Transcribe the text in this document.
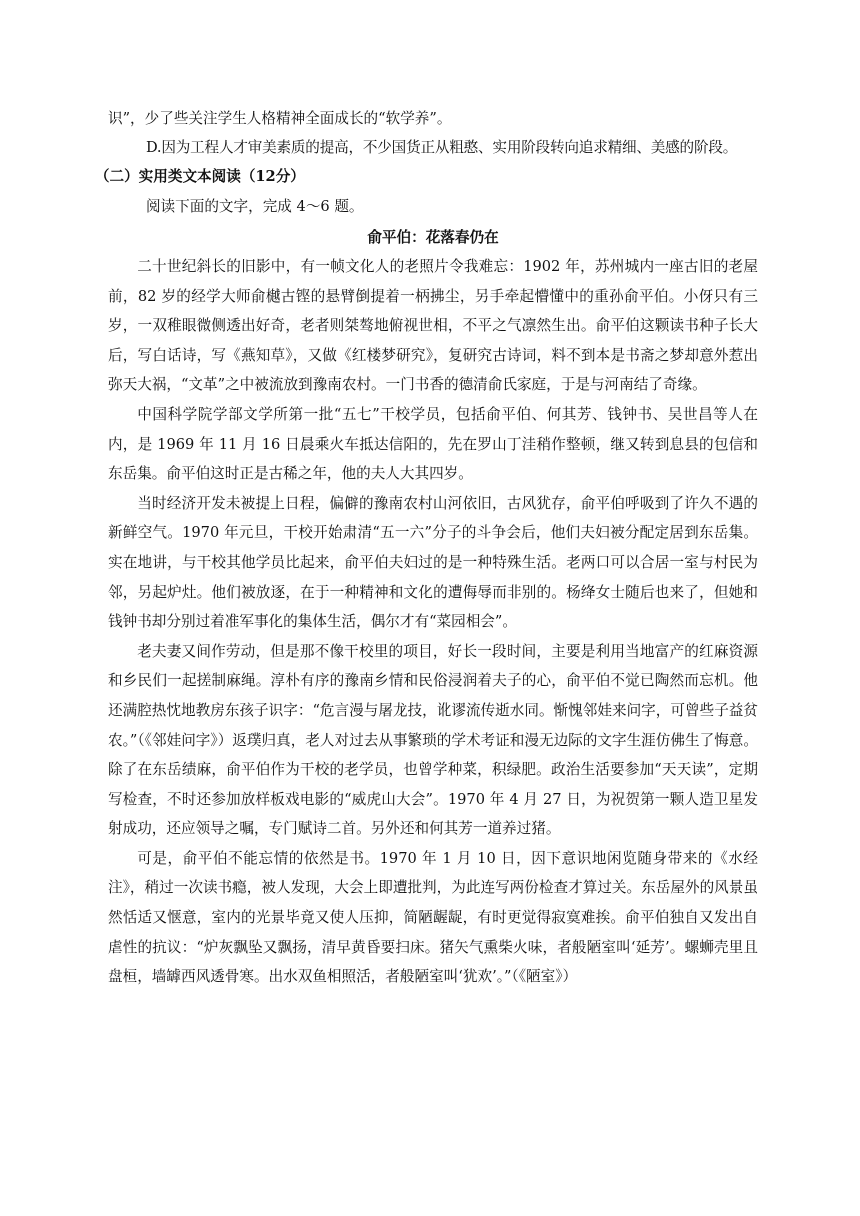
识”，少了些关注学生人格精神全面成长的“软学养”。

D.因为工程人才审美素质的提高，不少国货正从粗憨、实用阶段转向追求精细、美感的阶段。

（二）实用类文本阅读（12分）

阅读下面的文字，完成 4～6 题。

俞平伯：花落春仍在

二十世纪斜长的旧影中，有一帧文化人的老照片令我难忘：1902 年，苏州城内一座古旧的老屋前，82 岁的经学大师俞樾古铿的悬臂倒提着一柄拂尘，另手牵起懵懂中的重孙俞平伯。小伢只有三岁，一双稚眼微侧透出好奇，老者则桀骜地俯视世相，不平之气凛然生出。俞平伯这颗读书种子长大后，写白话诗，写《燕知草》，又做《红楼梦研究》，复研究古诗词，料不到本是书斋之梦却意外惹出弥天大祸，“文革”之中被流放到豫南农村。一门书香的德清俞氏家庭，于是与河南结了奇缘。

中国科学院学部文学所第一批“五七”干校学员，包括俞平伯、何其芳、钱钟书、吴世昌等人在内，是 1969 年 11 月 16 日晨乘火车抵达信阳的，先在罗山丁洼稍作整顿，继又转到息县的包信和东岳集。俞平伯这时正是古稀之年，他的夫人大其四岁。

当时经济开发未被提上日程，偏僻的豫南农村山河依旧，古风犹存，俞平伯呼吸到了许久不遇的新鲜空气。1970 年元旦，干校开始肃清“五一六”分子的斗争会后，他们夫妇被分配定居到东岳集。实在地讲，与干校其他学员比起来，俞平伯夫妇过的是一种特殊生活。老两口可以合居一室与村民为邻，另起炉灶。他们被放逐，在于一种精神和文化的遭侮辱而非别的。杨绛女士随后也来了，但她和钱钟书却分别过着准军事化的集体生活，偶尔才有“菜园相会”。

老夫妻又间作劳动，但是那不像干校里的项目，好长一段时间，主要是利用当地富产的红麻资源和乡民们一起搓制麻绳。淳朴有序的豫南乡情和民俗浸润着夫子的心，俞平伯不觉已陶然而忘机。他还满腔热忱地教房东孩子识字：“危言漫与屠龙技，讹谬流传逝水同。惭愧邻娃来问字，可曾些子益贫农。”（《邻娃问字》）返璞归真，老人对过去从事繁琐的学术考证和漫无边际的文字生涯仿佛生了悔意。 除了在东岳绩麻，俞平伯作为干校的老学员，也曾学种菜，积绿肥。政治生活要参加“天天读”，定期写检查，不时还参加放样板戏电影的“威虎山大会”。1970 年 4 月 27 日，为祝贺第一颗人造卫星发射成功，还应领导之嘱，专门赋诗二首。另外还和何其芳一道养过猪。

可是，俞平伯不能忘情的依然是书。1970 年 1 月 10 日，因下意识地闲览随身带来的《水经注》，稍过一次读书瘾，被人发现，大会上即遭批判，为此连写两份检查才算过关。东岳屋外的风景虽然恬适又惬意，室内的光景毕竟又使人压抑，简陋龌龊，有时更觉得寂寞难挨。俞平伯独自又发出自虐性的抗议：“炉灰飘坠又飘扬，清早黄昏要扫床。猪矢气熏柴火味，者般陋室叫‘延芳’。螺蛳壳里且盘桓，墙罅西风透骨寒。出水双鱼相照活，者般陋室叫‘犹欢’。”（《陋室》）
